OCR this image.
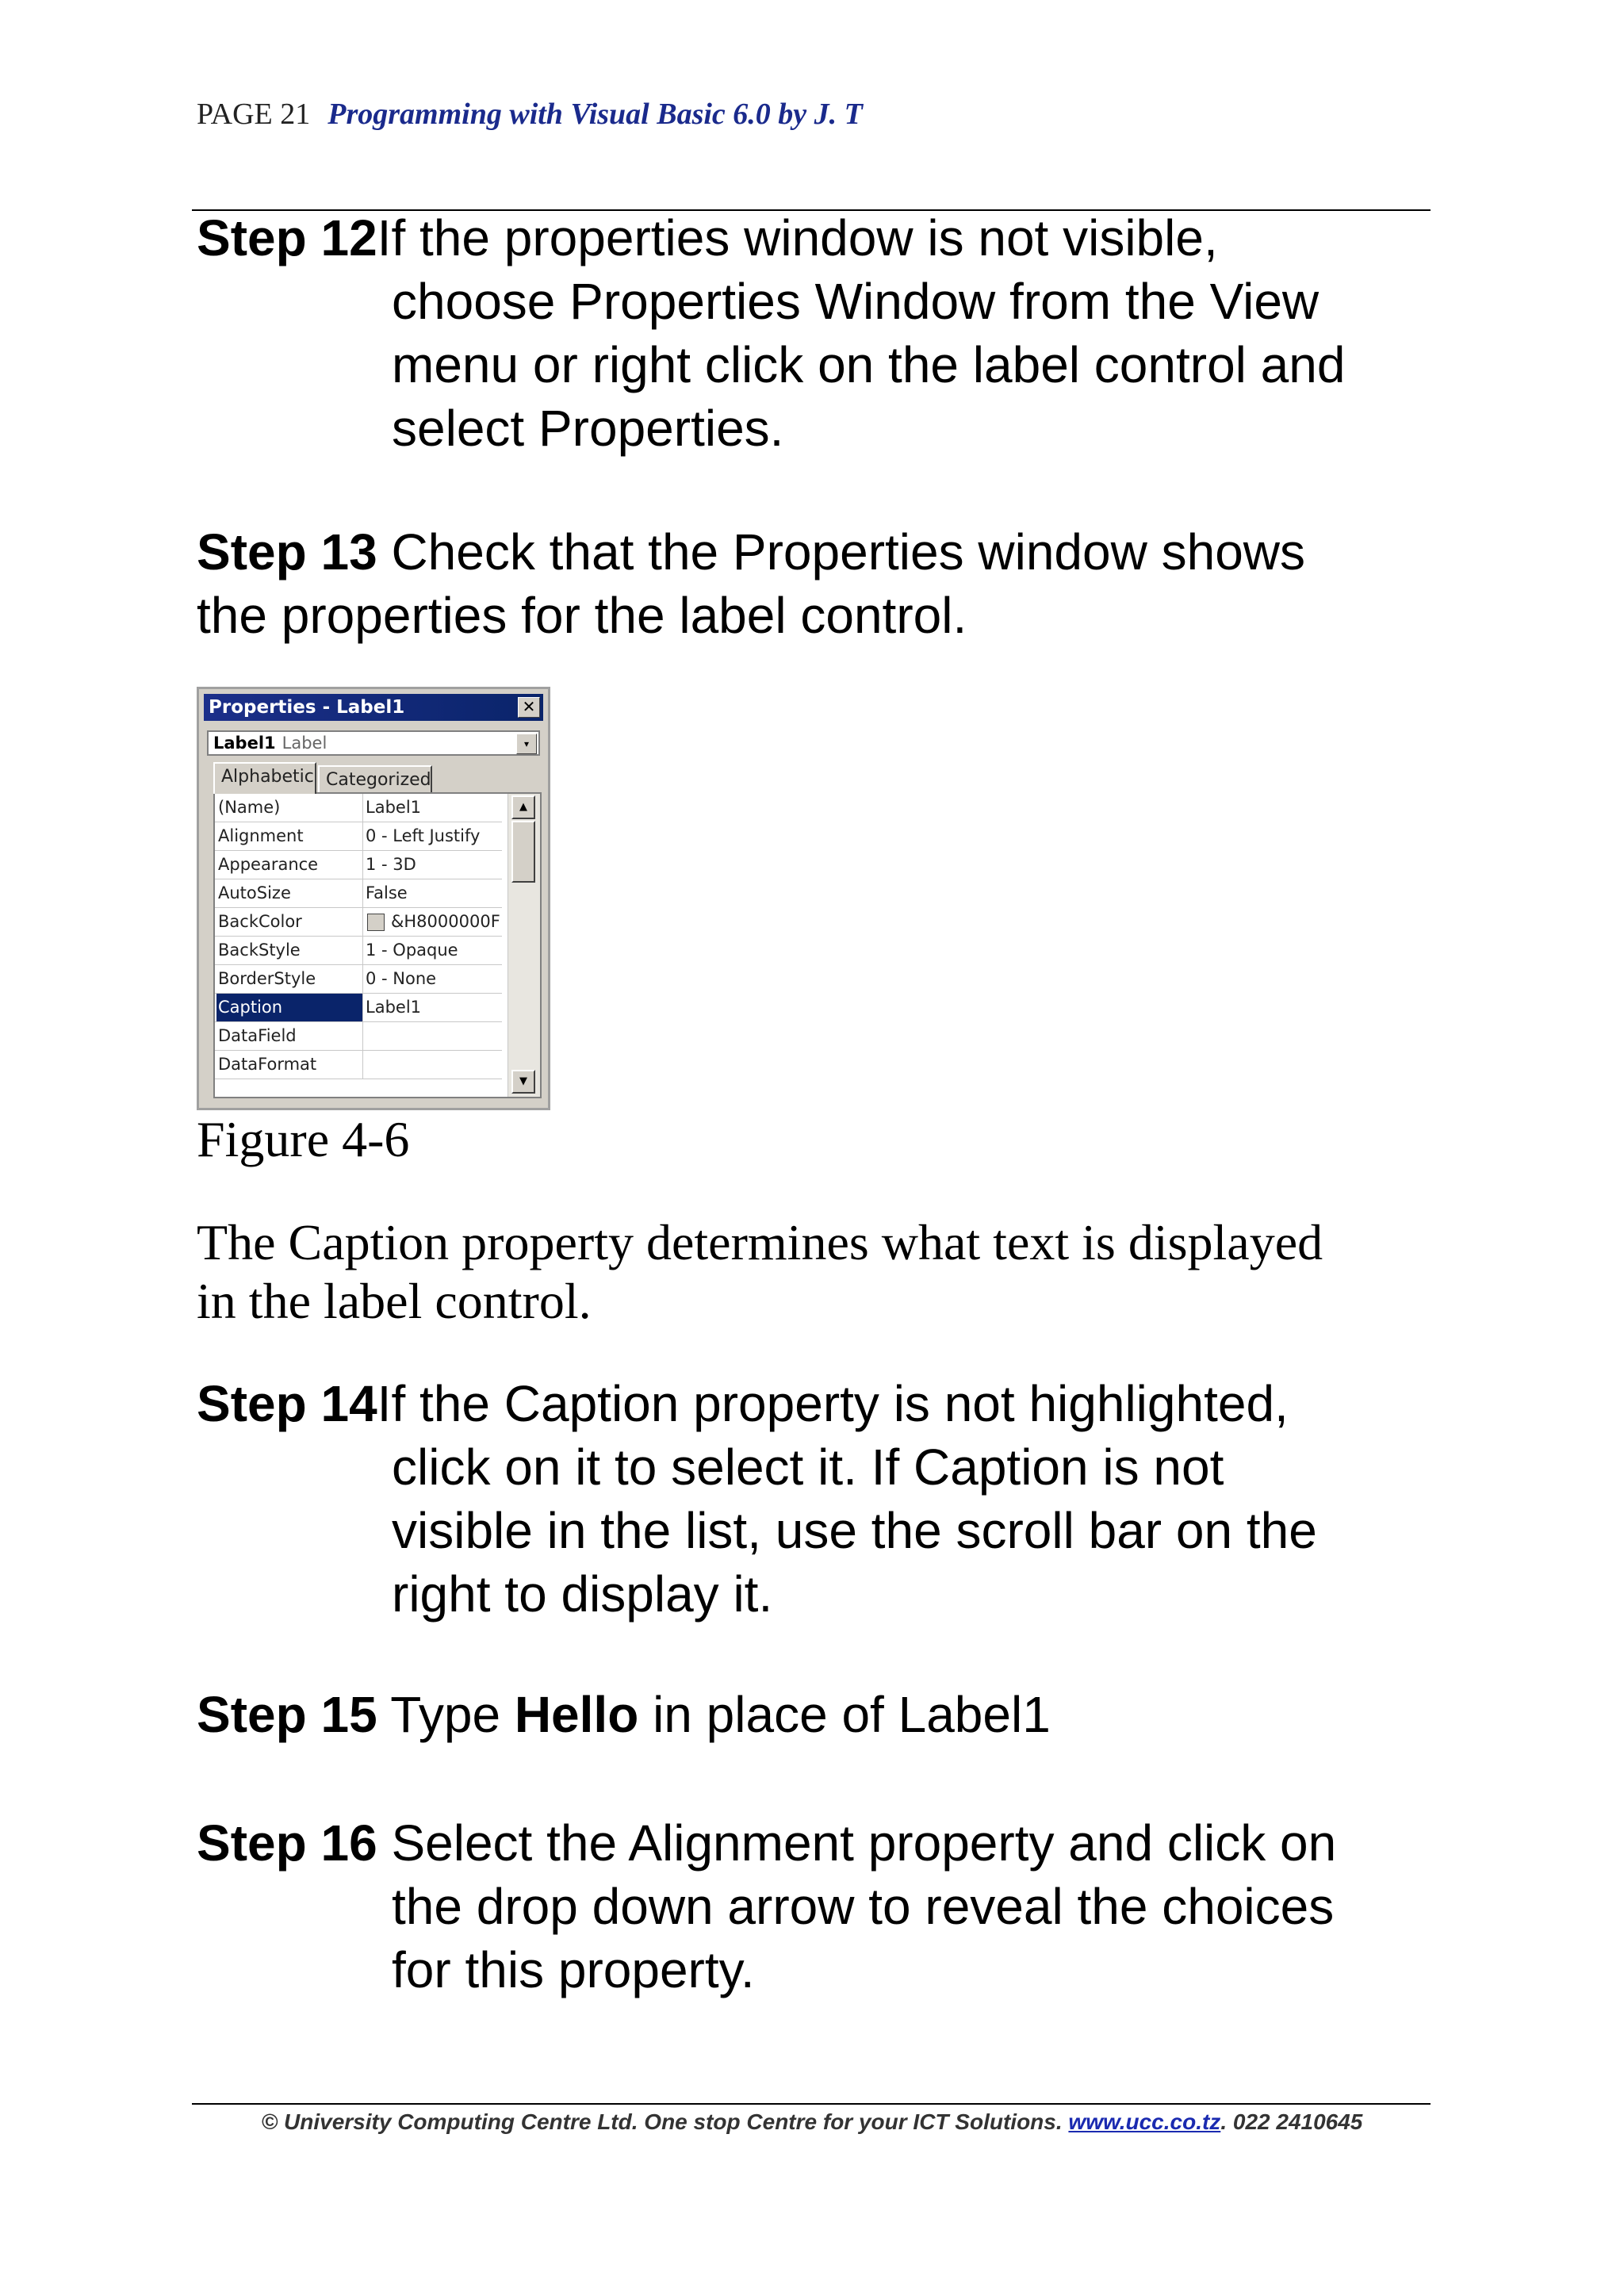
PAGE 21 Programming with Visual Basic 6.0 by J. T
Step 12If the properties window is not visible,
choose Properties Window from the View
menu or right click on the label control and
select Properties.
Step 13 Check that the Properties window shows
the properties for the label control.
Properties - Label1	✕
Label1 Label	▾
Alphabetic Categorized
(Name)	Label1
Alignment	0 - Left Justify
Appearance	1 - 3D
AutoSize	False
BackColor	&H8000000F
BackStyle	1 - Opaque
BorderStyle	0 - None
Caption	Label1
DataField
DataFormat
▲
▼
Figure 4-6
The Caption property determines what text is displayed
in the label control.
Step 14If the Caption property is not highlighted,
click on it to select it. If Caption is not
visible in the list, use the scroll bar on the
right to display it.
Step 15 Type Hello in place of Label1
Step 16 Select the Alignment property and click on
the drop down arrow to reveal the choices
for this property.
© University Computing Centre Ltd. One stop Centre for your ICT Solutions. www.ucc.co.tz. 022 2410645
